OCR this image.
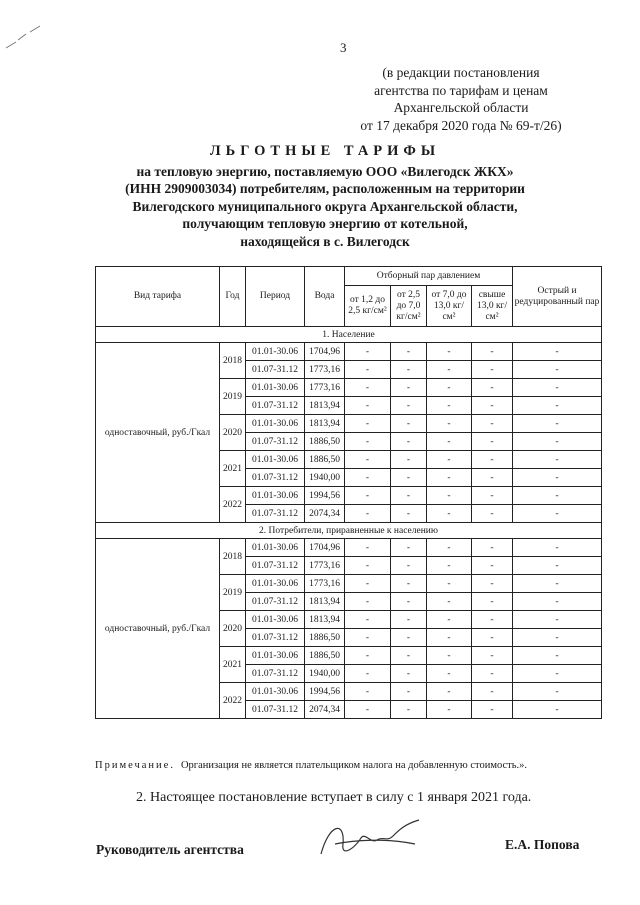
3
(в редакции постановления
агентства по тарифам и ценам
Архангельской области
от 17 декабря 2020 года № 69-т/26)
ЛЬГОТНЫЕ ТАРИФЫ
на тепловую энергию, поставляемую ООО «Вилегодск ЖКХ»
(ИНН 2909003034) потребителям, расположенным на территории
Вилегодского муниципального округа Архангельской области,
получающим тепловую энергию от котельной,
находящейся в с. Вилегодск
Вид тарифа	Год	Период	Вода	Отборный пар давлением				Острый и редуцированный пар
				от 1,2 до 2,5 кг/см²	от 2,5 до 7,0 кг/см²	от 7,0 до 13,0 кг/см²	свыше 13,0 кг/см²	
1. Население								
одноставочный, руб./Гкал	2018	01.01-30.06	1704,96	-	-	-	-	-
		01.07-31.12	1773,16	-	-	-	-	-
	2019	01.01-30.06	1773,16	-	-	-	-	-
		01.07-31.12	1813,94	-	-	-	-	-
	2020	01.01-30.06	1813,94	-	-	-	-	-
		01.07-31.12	1886,50	-	-	-	-	-
	2021	01.01-30.06	1886,50	-	-	-	-	-
		01.07-31.12	1940,00	-	-	-	-	-
	2022	01.01-30.06	1994,56	-	-	-	-	-
		01.07-31.12	2074,34	-	-	-	-	-
2. Потребители, приравненные к населению								
одноставочный, руб./Гкал	2018	01.01-30.06	1704,96	-	-	-	-	-
		01.07-31.12	1773,16	-	-	-	-	-
	2019	01.01-30.06	1773,16	-	-	-	-	-
		01.07-31.12	1813,94	-	-	-	-	-
	2020	01.01-30.06	1813,94	-	-	-	-	-
		01.07-31.12	1886,50	-	-	-	-	-
	2021	01.01-30.06	1886,50	-	-	-	-	-
		01.07-31.12	1940,00	-	-	-	-	-
	2022	01.01-30.06	1994,56	-	-	-	-	-
		01.07-31.12	2074,34	-	-	-	-	-
Примечание. Организация не является плательщиком налога на добавленную стоимость.».
2. Настоящее постановление вступает в силу с 1 января 2021 года.
Руководитель агентства	Е.А. Попова
